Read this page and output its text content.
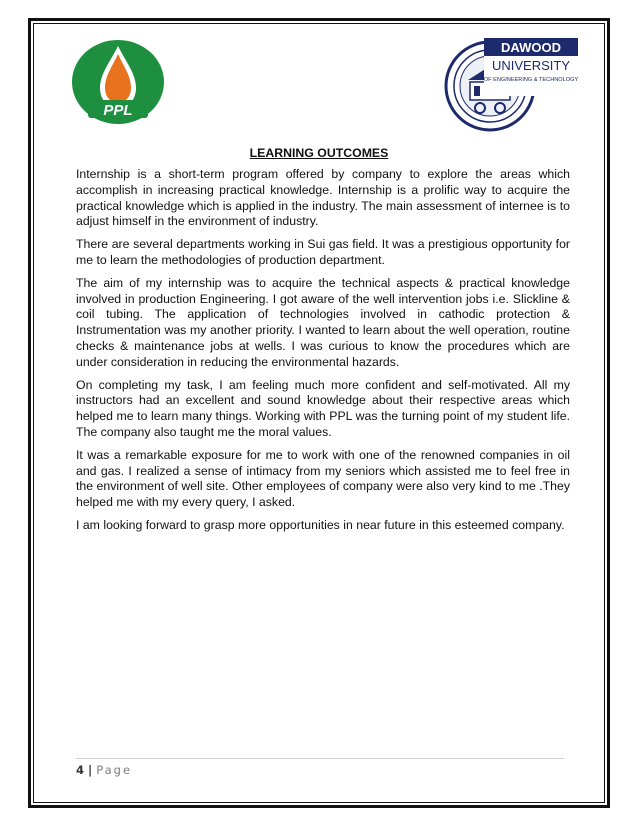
PPL
DAWOOD
UNIVERSITY
OF ENGINEERING & TECHNOLOGY
LEARNING OUTCOMES

Internship is a short-term program offered by company to explore the areas which accomplish in increasing practical knowledge. Internship is a prolific way to acquire the practical knowledge which is applied in the industry. The main assessment of internee is to adjust himself in the environment of industry.

There are several departments working in Sui gas field. It was a prestigious opportunity for me to learn the methodologies of production department.

The aim of my internship was to acquire the technical aspects & practical knowledge involved in production Engineering. I got aware of the well intervention jobs i.e. Slickline & coil tubing. The application of technologies involved in cathodic protection & Instrumentation was my another priority. I wanted to learn about the well operation, routine checks & maintenance jobs at wells. I was curious to know the procedures which are under consideration in reducing the environmental hazards.

On completing my task, I am feeling much more confident and self-motivated. All my instructors had an excellent and sound knowledge about their respective areas which helped me to learn many things. Working with PPL was the turning point of my student life. The company also taught me the moral values.

It was a remarkable exposure for me to work with one of the renowned companies in oil and gas. I realized a sense of intimacy from my seniors which assisted me to feel free in the environment of well site. Other employees of company were also very kind to me .They helped me with my every query, I asked.

I am looking forward to grasp more opportunities in near future in this esteemed company.

4 | Page
